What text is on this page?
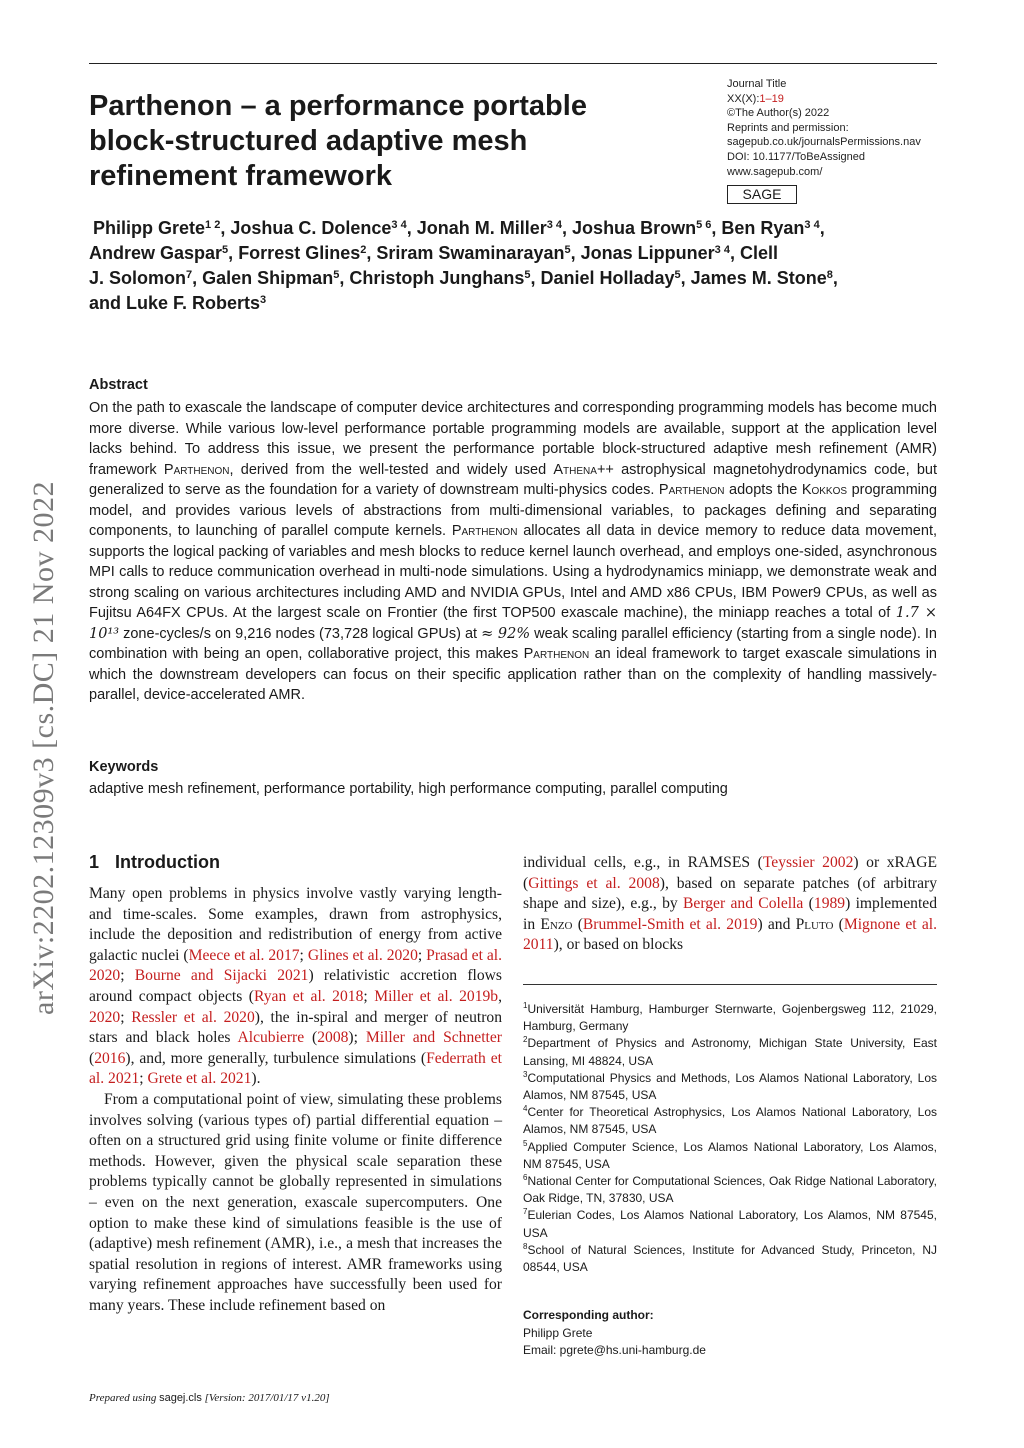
Parthenon – a performance portable block-structured adaptive mesh refinement framework
Journal Title
XX(X):1–19
©The Author(s) 2022
Reprints and permission:
sagepub.co.uk/journalsPermissions.nav
DOI: 10.1177/ToBeAssigned
www.sagepub.com/
SAGE

Philipp Grete$^{1 2}$, Joshua C. Dolence$^{3 4}$, Jonah M. Miller$^{3 4}$, Joshua Brown$^{5 6}$, Ben Ryan$^{3 4}$,

Andrew Gaspar$^5$, Forrest Glines$^2$, Sriram Swaminarayan$^5$, Jonas Lippuner$^{3 4}$, Clell

J. Solomon$^7$, Galen Shipman$^5$, Christoph Junghans$^5$, Daniel Holladay$^5$, James M. Stone$^8$,

and Luke F. Roberts$^3$

Abstract

On the path to exascale the landscape of computer device architectures and corresponding programming models has become much more diverse. While various low-level performance portable programming models are available, support at the application level lacks behind. To address this issue, we present the performance portable block-structured adaptive mesh refinement (AMR) framework Parthenon, derived from the well-tested and widely used Athena++ astrophysical magnetohydrodynamics code, but generalized to serve as the foundation for a variety of downstream multi-physics codes. Parthenon adopts the Kokkos programming model, and provides various levels of abstractions from multi-dimensional variables, to packages defining and separating components, to launching of parallel compute kernels. Parthenon allocates all data in device memory to reduce data movement, supports the logical packing of variables and mesh blocks to reduce kernel launch overhead, and employs one-sided, asynchronous MPI calls to reduce communication overhead in multi-node simulations. Using a hydrodynamics miniapp, we demonstrate weak and strong scaling on various architectures including AMD and NVIDIA GPUs, Intel and AMD x86 CPUs, IBM Power9 CPUs, as well as Fujitsu A64FX CPUs. At the largest scale on Frontier (the first TOP500 exascale machine), the miniapp reaches a total of 1.7 × 10¹³ zone-cycles/s on 9,216 nodes (73,728 logical GPUs) at ≈ 92% weak scaling parallel efficiency (starting from a single node). In combination with being an open, collaborative project, this makes Parthenon an ideal framework to target exascale simulations in which the downstream developers can focus on their specific application rather than on the complexity of handling massively-parallel, device-accelerated AMR.

Keywords
adaptive mesh refinement, performance portability, high performance computing, parallel computing
1 Introduction

Many open problems in physics involve vastly varying length- and time-scales. Some examples, drawn from astrophysics, include the deposition and redistribution of energy from active galactic nuclei (Meece et al. 2017; Glines et al. 2020; Prasad et al. 2020; Bourne and Sijacki 2021) relativistic accretion flows around compact objects (Ryan et al. 2018; Miller et al. 2019b, 2020; Ressler et al. 2020), the in-spiral and merger of neutron stars and black holes Alcubierre (2008); Miller and Schnetter (2016), and, more generally, turbulence simulations (Federrath et al. 2021; Grete et al. 2021).

From a computational point of view, simulating these problems involves solving (various types of) partial differential equation – often on a structured grid using finite volume or finite difference methods. However, given the physical scale separation these problems typically cannot be globally represented in simulations – even on the next generation, exascale supercomputers. One option to make these kind of simulations feasible is the use of (adaptive) mesh refinement (AMR), i.e., a mesh that increases the spatial resolution in regions of interest. AMR frameworks using varying refinement approaches have successfully been used for many years. These include refinement based on

individual cells, e.g., in RAMSES (Teyssier 2002) or xRAGE (Gittings et al. 2008), based on separate patches (of arbitrary shape and size), e.g., by Berger and Colella (1989) implemented in Enzo (Brummel-Smith et al. 2019) and Pluto (Mignone et al. 2011), or based on blocks

$^1$Universität Hamburg, Hamburger Sternwarte, Gojenbergsweg 112, 21029, Hamburg, Germany

$^2$Department of Physics and Astronomy, Michigan State University, East Lansing, MI 48824, USA

$^3$Computational Physics and Methods, Los Alamos National Laboratory, Los Alamos, NM 87545, USA

$^4$Center for Theoretical Astrophysics, Los Alamos National Laboratory, Los Alamos, NM 87545, USA

$^5$Applied Computer Science, Los Alamos National Laboratory, Los Alamos, NM 87545, USA

$^6$National Center for Computational Sciences, Oak Ridge National Laboratory, Oak Ridge, TN, 37830, USA

$^7$Eulerian Codes, Los Alamos National Laboratory, Los Alamos, NM 87545, USA

$^8$School of Natural Sciences, Institute for Advanced Study, Princeton, NJ 08544, USA

Corresponding author:
Philipp Grete
Email: pgrete@hs.uni-hamburg.de
Prepared using sagej.cls [Version: 2017/01/17 v1.20]
arXiv:2202.12309v3 [cs.DC] 21 Nov 2022
